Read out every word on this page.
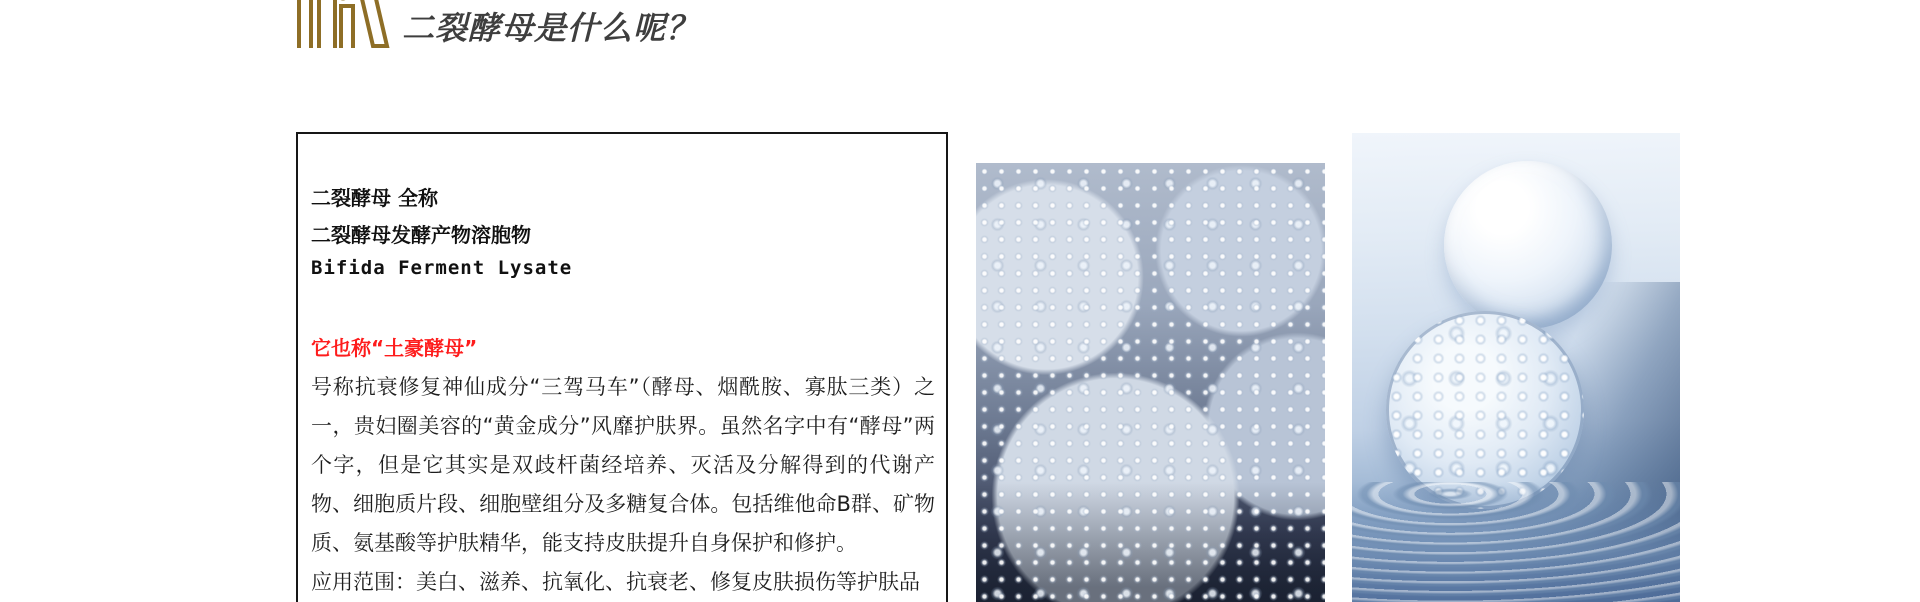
二裂酵母是什么呢？

二裂酵母 全称

二裂酵母发酵产物溶胞物

Bifida Ferment Lysate

它也称“土豪酵母”

号称抗衰修复神仙成分“三驾马车”（酵母、烟酰胺、寡肽三类）之一，贵妇圈美容的“黄金成分”风靡护肤界。虽然名字中有“酵母”两个字，但是它其实是双歧杆菌经培养、灭活及分解得到的代谢产物、细胞质片段、细胞壁组分及多糖复合体。包括维他命B群、矿物质、氨基酸等护肤精华，能支持皮肤提升自身保护和修护。

应用范围：美白、滋养、抗氧化、抗衰老、修复皮肤损伤等护肤品
